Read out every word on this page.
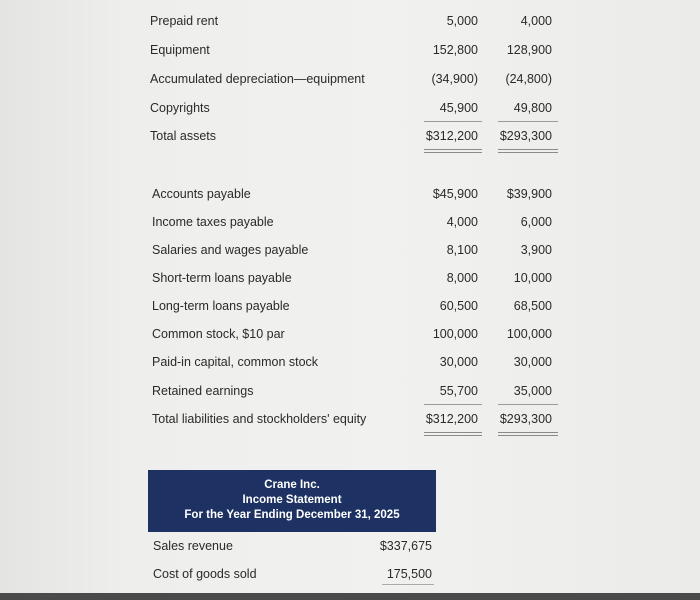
Prepaid rent	5,000	4,000
Equipment	152,800 128,900
Accumulated depreciation—equipment	(34,900) (24,800)
Copyrights	45,900	49,800
Total assets	$312,200 $293,300
Accounts payable	$45,900 $39,900
Income taxes payable	4,000	6,000
Salaries and wages payable	8,100	3,900
Short-term loans payable	8,000	10,000
Long-term loans payable	60,500	68,500
Common stock, $10 par	100,000 100,000
Paid-in capital, common stock	30,000	30,000
Retained earnings	55,700	35,000
Total liabilities and stockholders' equity	$312,200 $293,300
Crane Inc.
Income Statement
For the Year Ending December 31, 2025
Sales revenue	$337,675
Cost of goods sold	175,500
